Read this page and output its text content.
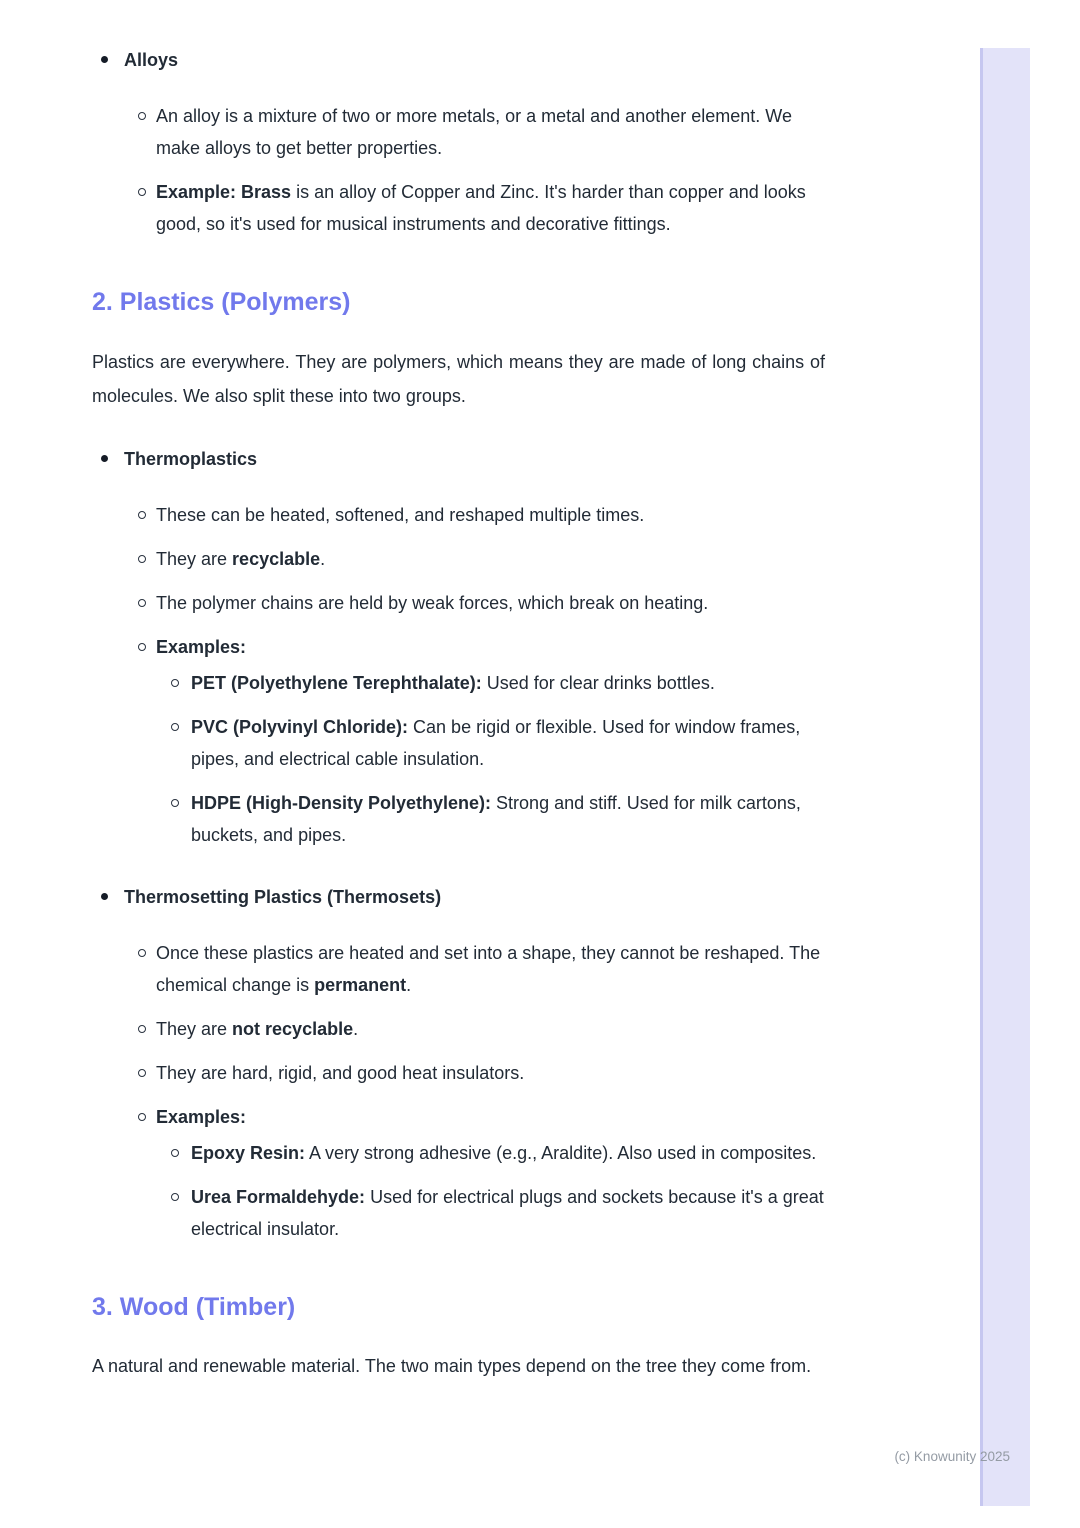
Alloys

An alloy is a mixture of two or more metals, or a metal and another element. We make alloys to get better properties.

Example: Brass is an alloy of Copper and Zinc. It's harder than copper and looks good, so it's used for musical instruments and decorative fittings.

2. Plastics (Polymers)

Plastics are everywhere. They are polymers, which means they are made of long chains of molecules. We also split these into two groups.

Thermoplastics

These can be heated, softened, and reshaped multiple times.

They are recyclable.

The polymer chains are held by weak forces, which break on heating.

Examples:

PET (Polyethylene Terephthalate): Used for clear drinks bottles.

PVC (Polyvinyl Chloride): Can be rigid or flexible. Used for window frames, pipes, and electrical cable insulation.

HDPE (High-Density Polyethylene): Strong and stiff. Used for milk cartons, buckets, and pipes.

Thermosetting Plastics (Thermosets)

Once these plastics are heated and set into a shape, they cannot be reshaped. The chemical change is permanent.

They are not recyclable.

They are hard, rigid, and good heat insulators.

Examples:

Epoxy Resin: A very strong adhesive (e.g., Araldite). Also used in composites.

Urea Formaldehyde: Used for electrical plugs and sockets because it's a great electrical insulator.

3. Wood (Timber)

A natural and renewable material. The two main types depend on the tree they come from.

(c) Knowunity 2025
